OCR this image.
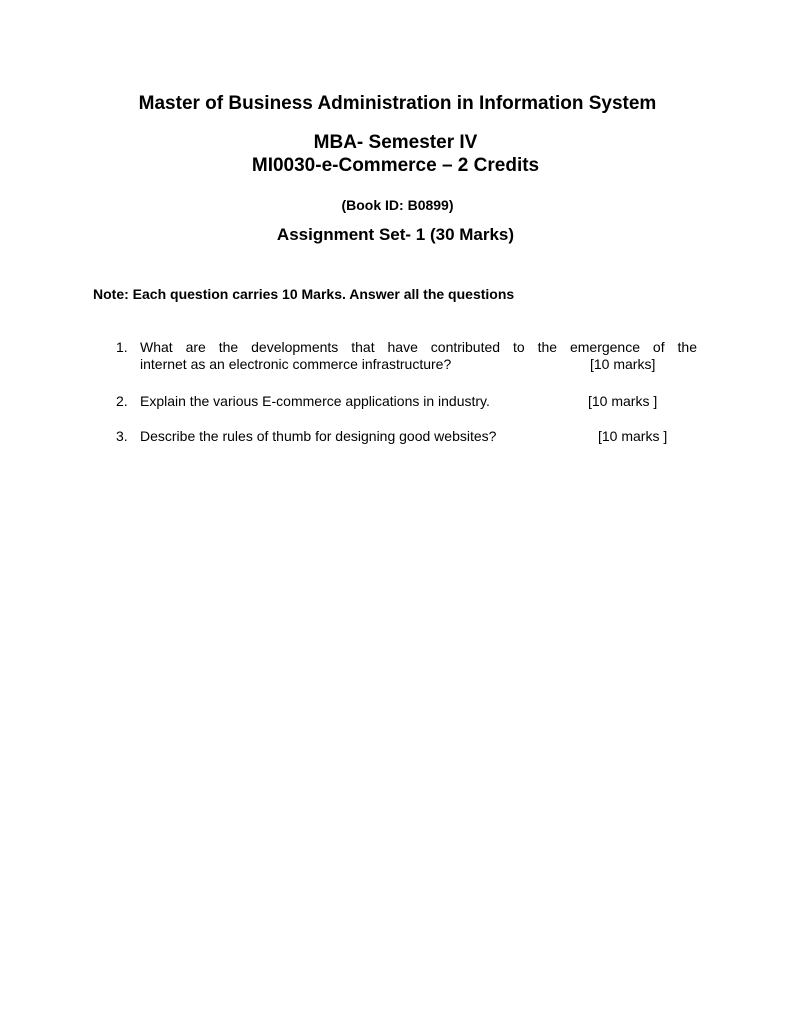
Master of Business Administration in Information System
MBA- Semester IV
MI0030-e-Commerce – 2 Credits
(Book ID: B0899)
Assignment Set- 1 (30 Marks)
Note: Each question carries 10 Marks. Answer all the questions
1. What are the developments that have contributed to the emergence of the
internet as an electronic commerce infrastructure?	[10 marks]
2. Explain the various E-commerce applications in industry.	[10 marks ]
3. Describe the rules of thumb for designing good websites?	[10 marks ]
